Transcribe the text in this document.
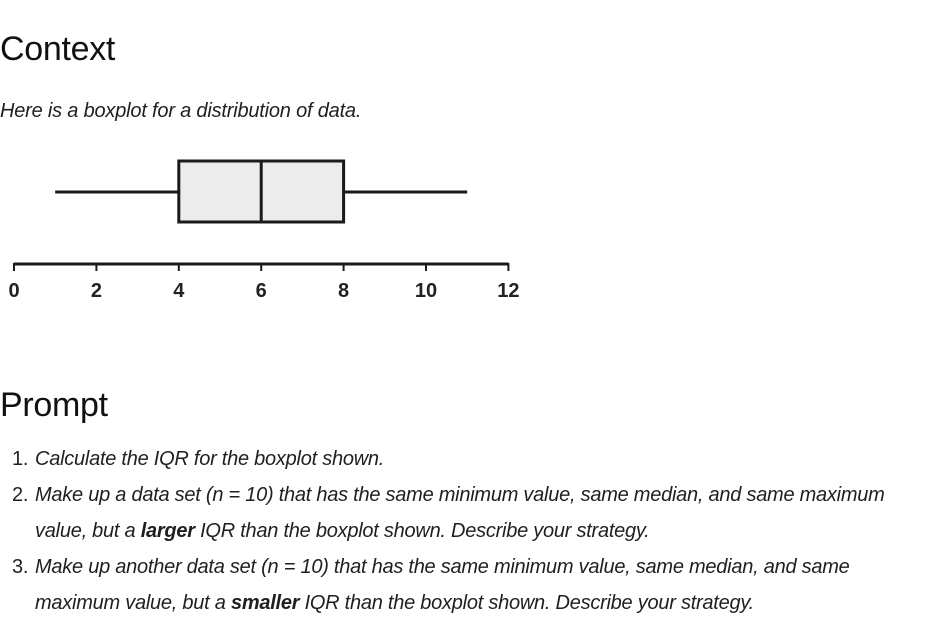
Context

Here is a boxplot for a distribution of data.

0	2	4	6	8	10	12
Prompt
1. Calculate the IQR for the boxplot shown.
2. Make up a data set (n = 10) that has the same minimum value, same median, and same maximum value, but a larger IQR than the boxplot shown. Describe your strategy.
3. Make up another data set (n = 10) that has the same minimum value, same median, and same maximum value, but a smaller IQR than the boxplot shown. Describe your strategy.
